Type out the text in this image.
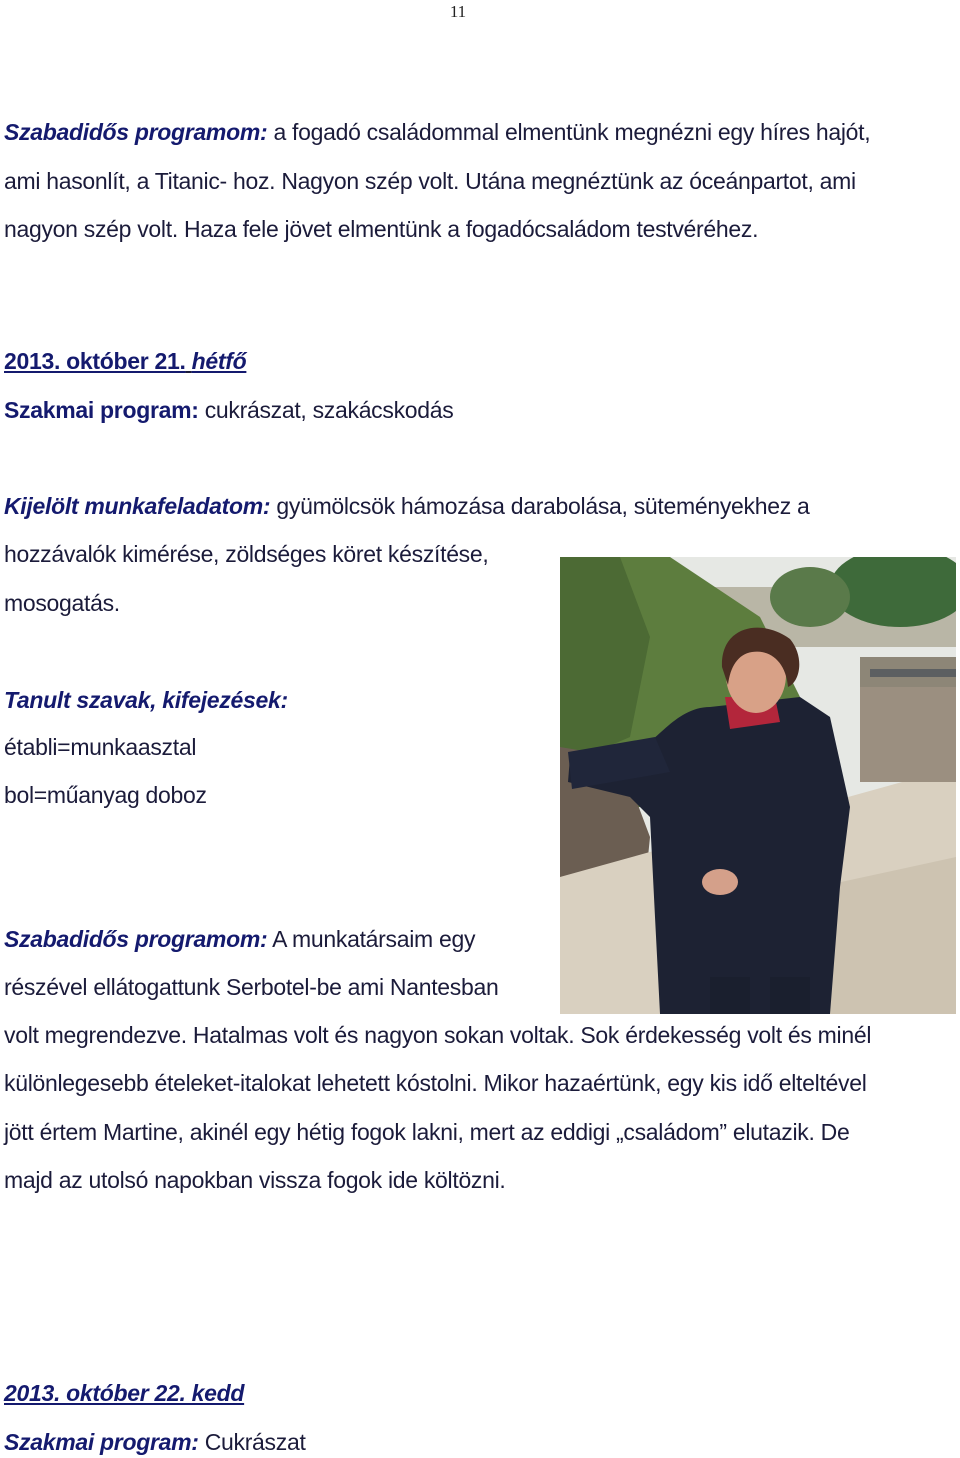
11
Szabadidős programom: a fogadó családommal elmentünk megnézni egy híres hajót,
ami hasonlít, a Titanic- hoz. Nagyon szép volt. Utána megnéztünk az óceánpartot, ami
nagyon szép volt. Haza fele jövet elmentünk a fogadócsaládom testvéréhez.
2013. október 21. hétfő
Szakmai program: cukrászat, szakácskodás
Kijelölt munkafeladatom: gyümölcsök hámozása darabolása, süteményekhez a
hozzávalók kimérése, zöldséges köret készítése,
mosogatás.
Tanult szavak, kifejezések:
établi=munkaasztal
bol=műanyag doboz
Szabadidős programom: A munkatársaim egy
részével ellátogattunk Serbotel-be ami Nantesban
volt megrendezve. Hatalmas volt és nagyon sokan voltak. Sok érdekesség volt és minél
különlegesebb ételeket-italokat lehetett kóstolni. Mikor hazaértünk, egy kis idő elteltével
jött értem Martine, akinél egy hétig fogok lakni, mert az eddigi „családom” elutazik. De
majd az utolsó napokban vissza fogok ide költözni.
2013. október 22. kedd
Szakmai program: Cukrászat
